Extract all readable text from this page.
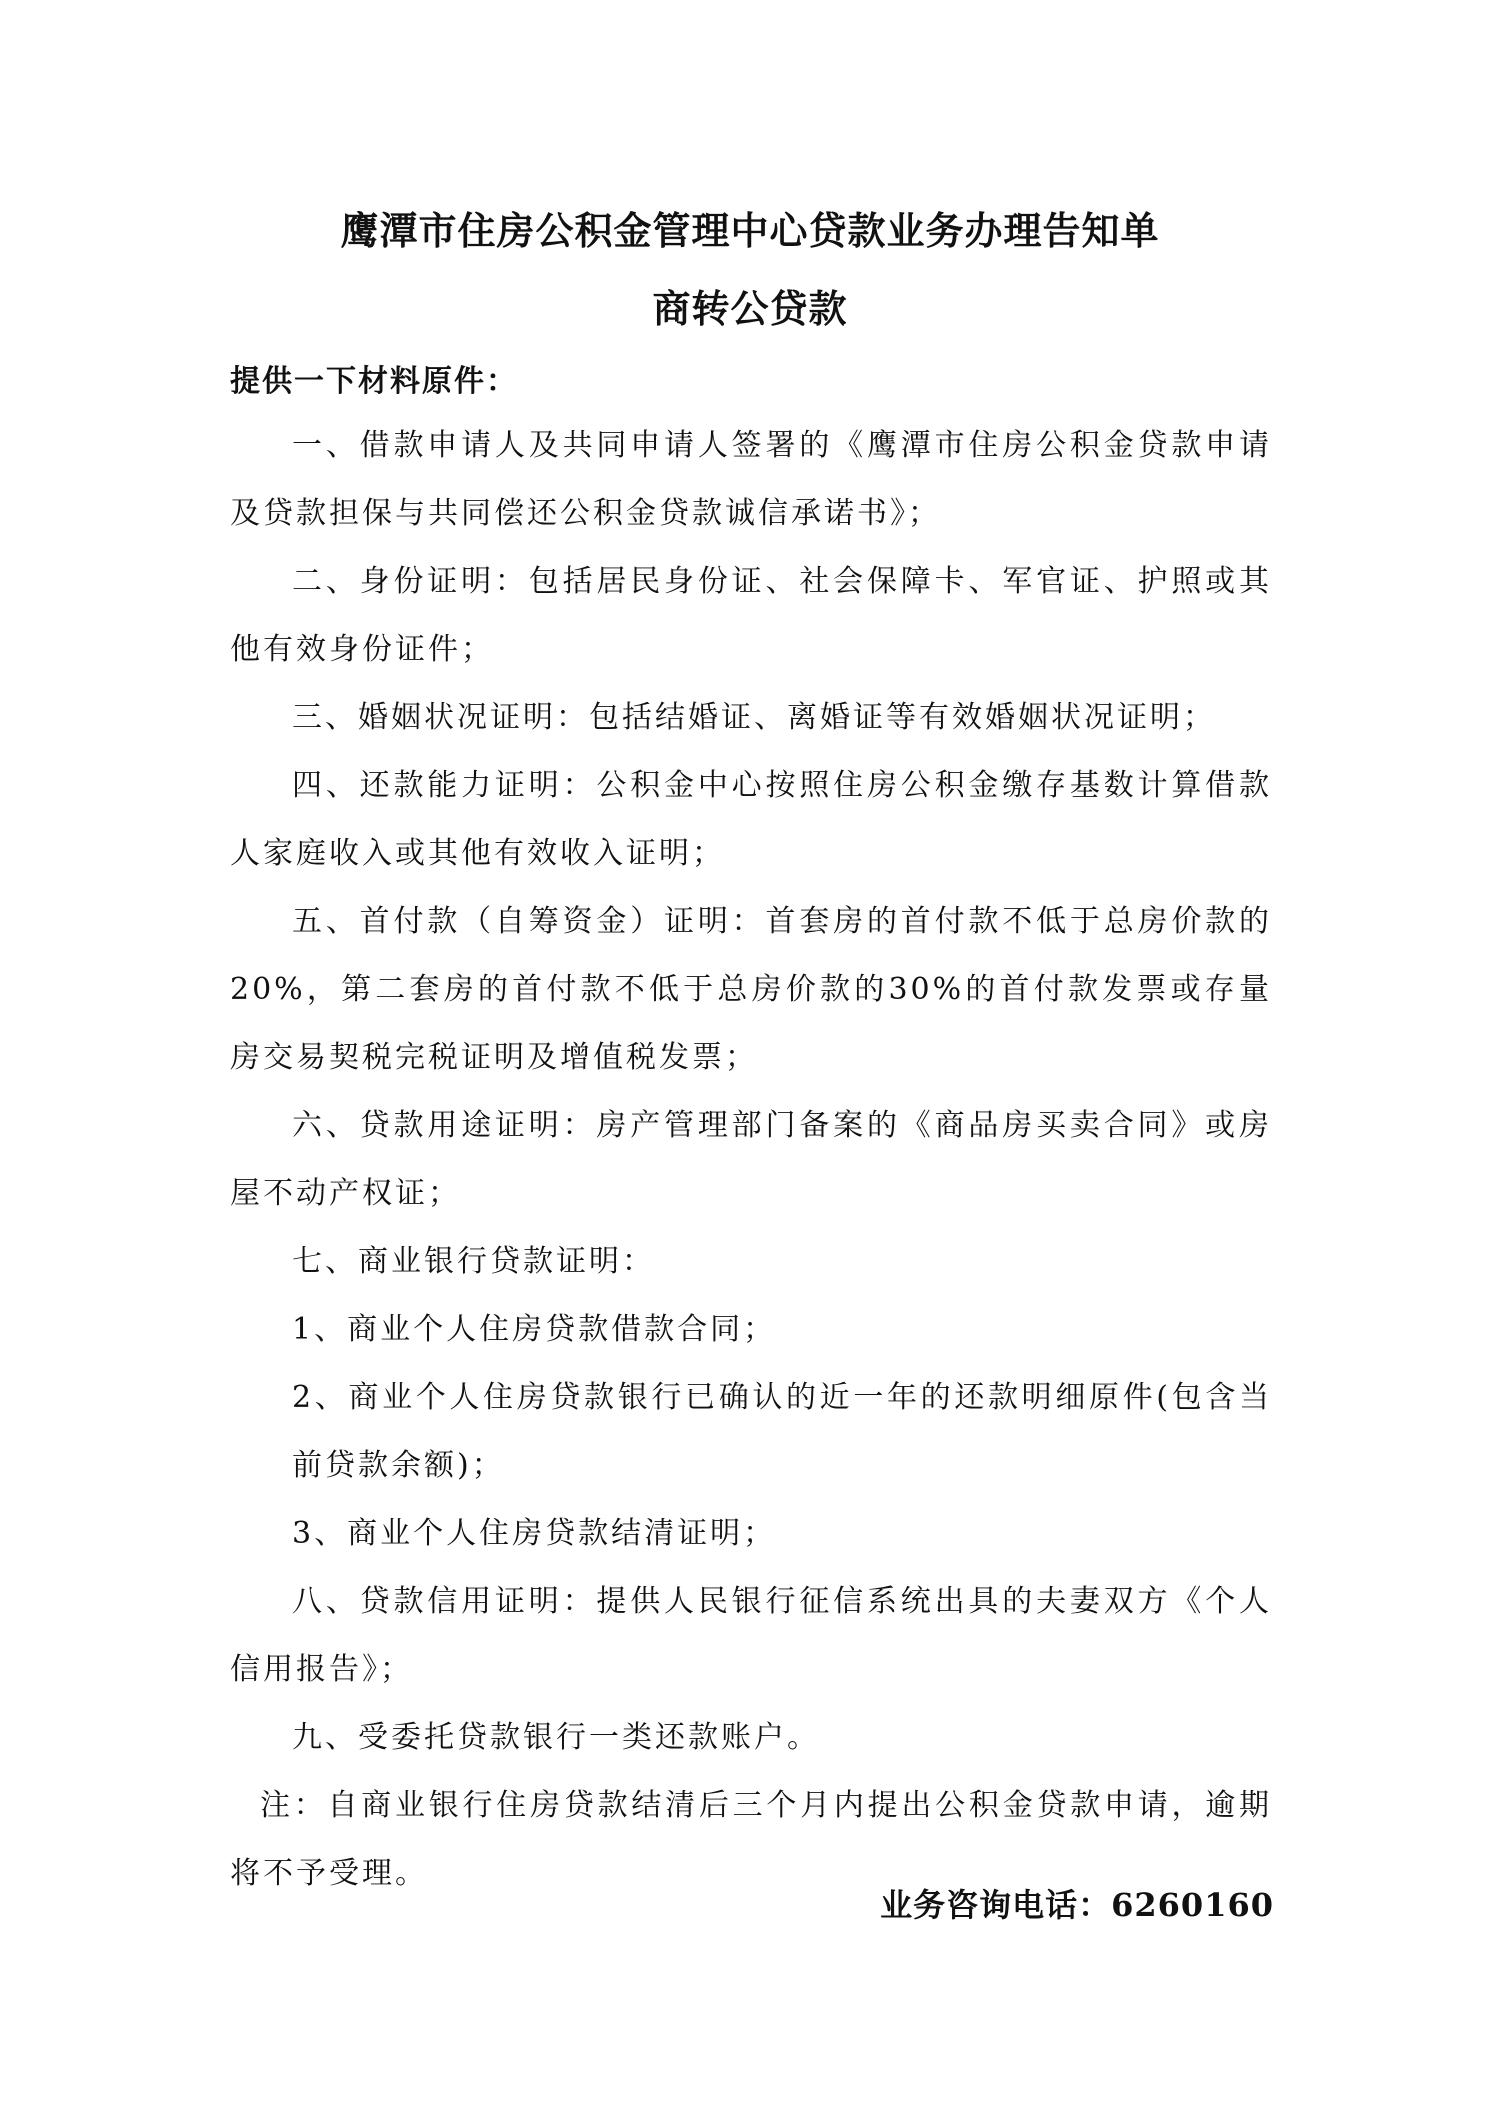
鹰潭市住房公积金管理中心贷款业务办理告知单
商转公贷款
提供一下材料原件：

一、借款申请人及共同申请人签署的《鹰潭市住房公积金贷款申请及贷款担保与共同偿还公积金贷款诚信承诺书》；

二、身份证明：包括居民身份证、社会保障卡、军官证、护照或其他有效身份证件；

三、婚姻状况证明：包括结婚证、离婚证等有效婚姻状况证明；

四、还款能力证明：公积金中心按照住房公积金缴存基数计算借款人家庭收入或其他有效收入证明；

五、首付款（自筹资金）证明：首套房的首付款不低于总房价款的20%，第二套房的首付款不低于总房价款的30%的首付款发票或存量房交易契税完税证明及增值税发票；

六、贷款用途证明：房产管理部门备案的《商品房买卖合同》或房屋不动产权证；

七、商业银行贷款证明：

1、商业个人住房贷款借款合同；

2、商业个人住房贷款银行已确认的近一年的还款明细原件(包含当前贷款余额)；

3、商业个人住房贷款结清证明；

八、贷款信用证明：提供人民银行征信系统出具的夫妻双方《个人信用报告》；

九、受委托贷款银行一类还款账户。

注：自商业银行住房贷款结清后三个月内提出公积金贷款申请，逾期将不予受理。

业务咨询电话：6260160
